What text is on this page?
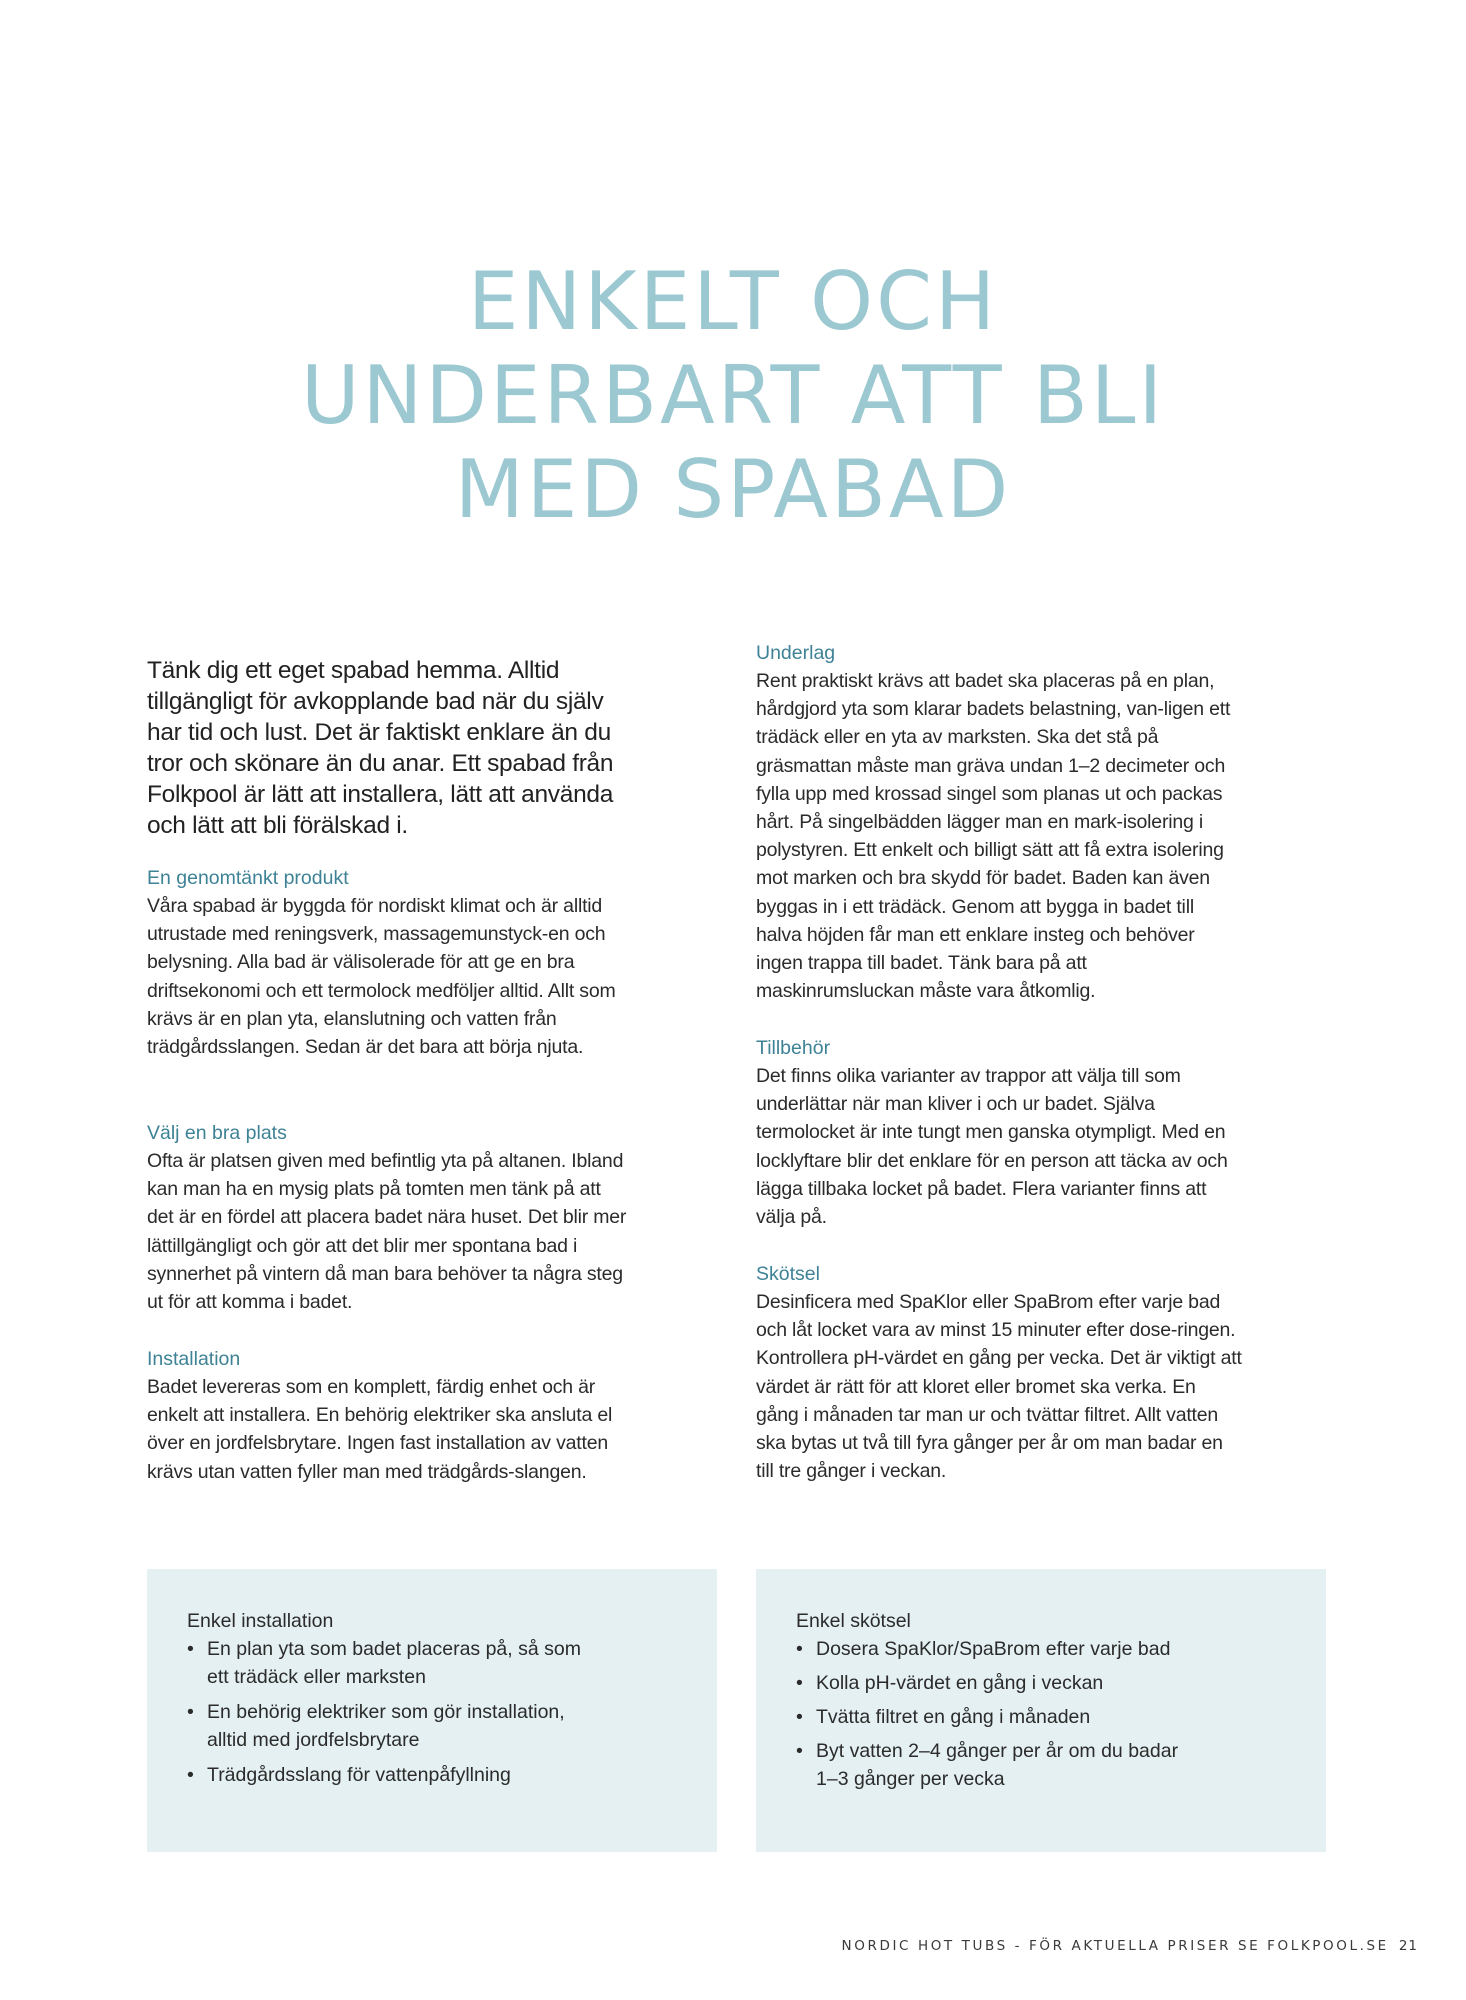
ENKELT OCH
UNDERBART ATT BLI
MED SPABAD

Tänk dig ett eget spabad hemma. Alltid tillgängligt för avkopplande bad när du själv har tid och lust. Det är faktiskt enklare än du tror och skönare än du anar. Ett spabad från Folkpool är lätt att installera, lätt att använda och lätt att bli förälskad i.

En genomtänkt produkt

Våra spabad är byggda för nordiskt klimat och är alltid utrustade med reningsverk, massagemunstyck-en och belysning. Alla bad är välisolerade för att ge en bra driftsekonomi och ett termolock medföljer alltid. Allt som krävs är en plan yta, elanslutning och vatten från trädgårdsslangen. Sedan är det bara att börja njuta.

Välj en bra plats

Ofta är platsen given med befintlig yta på altanen. Ibland kan man ha en mysig plats på tomten men tänk på att det är en fördel att placera badet nära huset. Det blir mer lättillgängligt och gör att det blir mer spontana bad i synnerhet på vintern då man bara behöver ta några steg ut för att komma i badet.

Installation

Badet levereras som en komplett, färdig enhet och är enkelt att installera. En behörig elektriker ska ansluta el över en jordfelsbrytare. Ingen fast installation av vatten krävs utan vatten fyller man med trädgårds-slangen.

Underlag

Rent praktiskt krävs att badet ska placeras på en plan, hårdgjord yta som klarar badets belastning, van-ligen ett trädäck eller en yta av marksten. Ska det stå på gräsmattan måste man gräva undan 1–2 decimeter och fylla upp med krossad singel som planas ut och packas hårt. På singelbädden lägger man en mark-isolering i polystyren. Ett enkelt och billigt sätt att få extra isolering mot marken och bra skydd för badet. Baden kan även byggas in i ett trädäck. Genom att bygga in badet till halva höjden får man ett enklare insteg och behöver ingen trappa till badet. Tänk bara på att maskinrumsluckan måste vara åtkomlig.

Tillbehör

Det finns olika varianter av trappor att välja till som underlättar när man kliver i och ur badet. Själva termolocket är inte tungt men ganska otympligt. Med en locklyftare blir det enklare för en person att täcka av och lägga tillbaka locket på badet. Flera varianter finns att välja på.

Skötsel

Desinficera med SpaKlor eller SpaBrom efter varje bad och låt locket vara av minst 15 minuter efter dose-ringen. Kontrollera pH-värdet en gång per vecka. Det är viktigt att värdet är rätt för att kloret eller bromet ska verka. En gång i månaden tar man ur och tvättar filtret. Allt vatten ska bytas ut två till fyra gånger per år om man badar en till tre gånger i veckan.

Enkel installation
• En plan yta som badet placeras på, så som ett trädäck eller marksten
• En behörig elektriker som gör installation, alltid med jordfelsbrytare
• Trädgårdsslang för vattenpåfyllning
Enkel skötsel
• Dosera SpaKlor/SpaBrom efter varje bad
• Kolla pH-värdet en gång i veckan
• Tvätta filtret en gång i månaden
• Byt vatten 2–4 gånger per år om du badar 1–3 gånger per vecka
NORDIC HOT TUBS - FÖR AKTUELLA PRISER SE FOLKPOOL.SE 21
